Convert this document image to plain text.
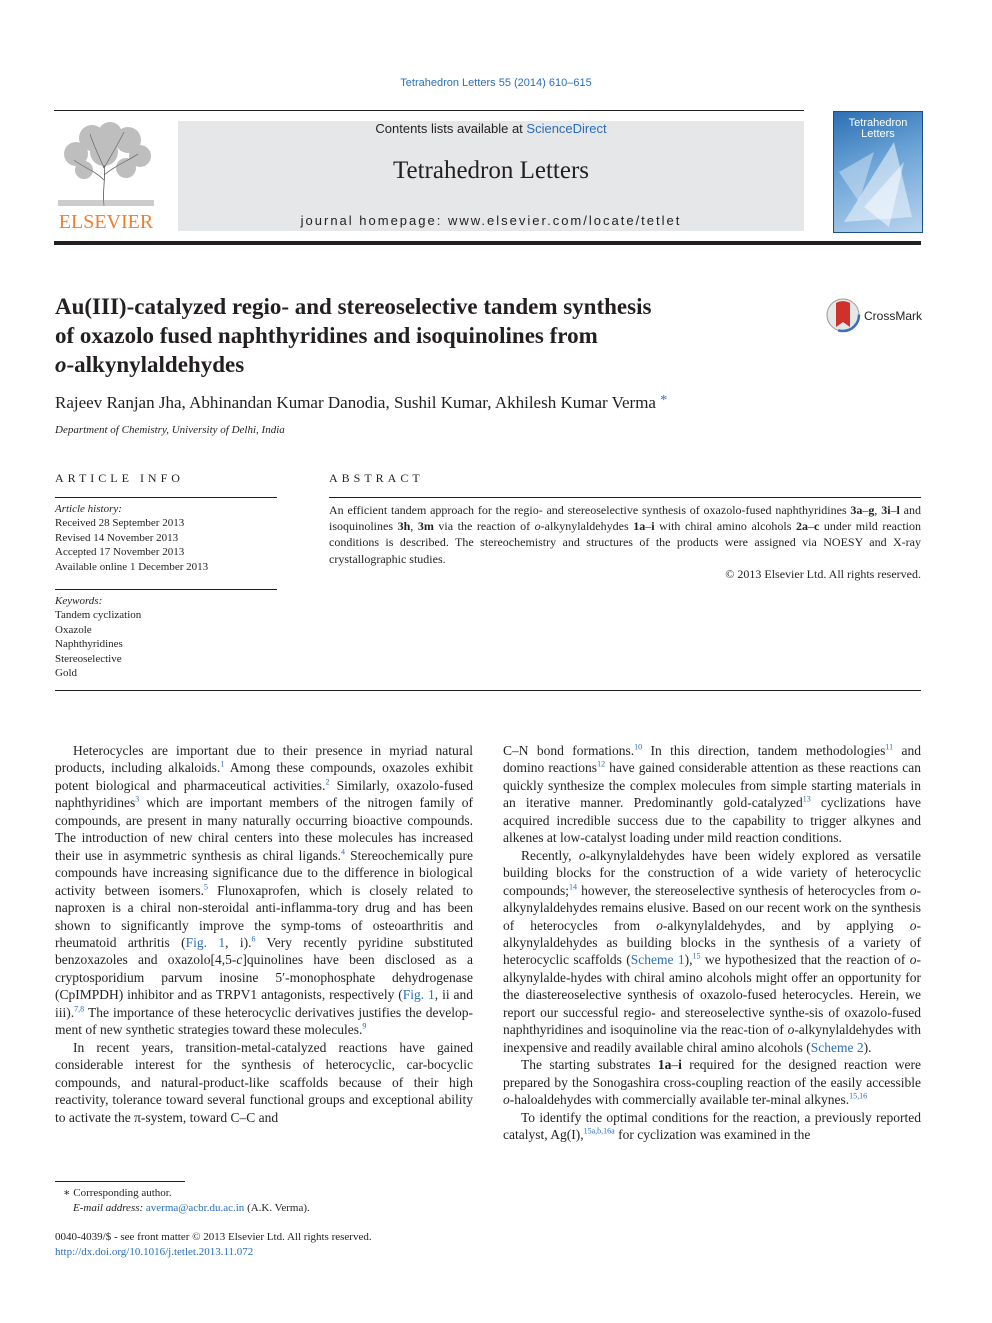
Tetrahedron Letters 55 (2014) 610–615
ELSEVIER
Contents lists available at ScienceDirect
Tetrahedron Letters
journal homepage: www.elsevier.com/locate/tetlet
Tetrahedron Letters
Au(III)-catalyzed regio- and stereoselective tandem synthesis
of oxazolo fused naphthyridines and isoquinolines from
o-alkynylaldehydes
CrossMark
Rajeev Ranjan Jha, Abhinandan Kumar Danodia, Sushil Kumar, Akhilesh Kumar Verma *
Department of Chemistry, University of Delhi, India
ARTICLE INFO	ABSTRACT
Article history:
Received 28 September 2013
Revised 14 November 2013
Accepted 17 November 2013
Available online 1 December 2013
Keywords:
Tandem cyclization
Oxazole
Naphthyridines
Stereoselective
Gold
An efficient tandem approach for the regio- and stereoselective synthesis of oxazolo-fused naphthyridines 3a–g, 3i–l and isoquinolines 3h, 3m via the reaction of o-alkynylaldehydes 1a–i with chiral amino alcohols 2a–c under mild reaction conditions is described. The stereochemistry and structures of the products were assigned via NOESY and X-ray crystallographic studies.
© 2013 Elsevier Ltd. All rights reserved.

Heterocycles are important due to their presence in myriad natural products, including alkaloids.$^1$ Among these compounds, oxazoles exhibit potent biological and pharmaceutical activities.$^2$ Similarly, oxazolo-fused naphthyridines$^3$ which are important members of the nitrogen family of compounds, are present in many naturally occurring bioactive compounds. The introduction of new chiral centers into these molecules has increased their use in asymmetric synthesis as chiral ligands.$^4$ Stereochemically pure compounds have increasing significance due to the difference in biological activity between isomers.$^5$ Flunoxaprofen, which is closely related to naproxen is a chiral non-steroidal anti-inflamma-tory drug and has been shown to significantly improve the symp-toms of osteoarthritis and rheumatoid arthritis (Fig. 1, i).$^6$ Very recently pyridine substituted benzoxazoles and oxazolo[4,5-c]quinolines have been disclosed as a cryptosporidium parvum inosine 5′-monophosphate dehydrogenase (CpIMPDH) inhibitor and as TRPV1 antagonists, respectively (Fig. 1, ii and iii).$^{7,8}$ The importance of these heterocyclic derivatives justifies the develop-ment of new synthetic strategies toward these molecules.$^9$

In recent years, transition-metal-catalyzed reactions have gained considerable interest for the synthesis of heterocyclic, car-bocyclic compounds, and natural-product-like scaffolds because of their high reactivity, tolerance toward several functional groups and exceptional ability to activate the π-system, toward C–C and

C–N bond formations.$^{10}$ In this direction, tandem methodologies$^{11}$ and domino reactions$^{12}$ have gained considerable attention as these reactions can quickly synthesize the complex molecules from simple starting materials in an iterative manner. Predominantly gold-catalyzed$^{13}$ cyclizations have acquired incredible success due to the capability to trigger alkynes and alkenes at low-catalyst loading under mild reaction conditions.

Recently, o-alkynylaldehydes have been widely explored as versatile building blocks for the construction of a wide variety of heterocyclic compounds;$^{14}$ however, the stereoselective synthesis of heterocycles from o-alkynylaldehydes remains elusive. Based on our recent work on the synthesis of heterocycles from o-alkynylaldehydes, and by applying o-alkynylaldehydes as building blocks in the synthesis of a variety of heterocyclic scaffolds (Scheme 1),$^{15}$ we hypothesized that the reaction of o-alkynylalde-hydes with chiral amino alcohols might offer an opportunity for the diastereoselective synthesis of oxazolo-fused heterocycles. Herein, we report our successful regio- and stereoselective synthe-sis of oxazolo-fused naphthyridines and isoquinoline via the reac-tion of o-alkynylaldehydes with inexpensive and readily available chiral amino alcohols (Scheme 2).

The starting substrates 1a–i required for the designed reaction were prepared by the Sonogashira cross-coupling reaction of the easily accessible o-haloaldehydes with commercially available ter-minal alkynes.$^{15,16}$

To identify the optimal conditions for the reaction, a previously reported catalyst, Ag(I),$^{15a,b,16a}$ for cyclization was examined in the

∗ Corresponding author.
E-mail address: averma@acbr.du.ac.in (A.K. Verma).
0040-4039/$ - see front matter © 2013 Elsevier Ltd. All rights reserved.
http://dx.doi.org/10.1016/j.tetlet.2013.11.072
